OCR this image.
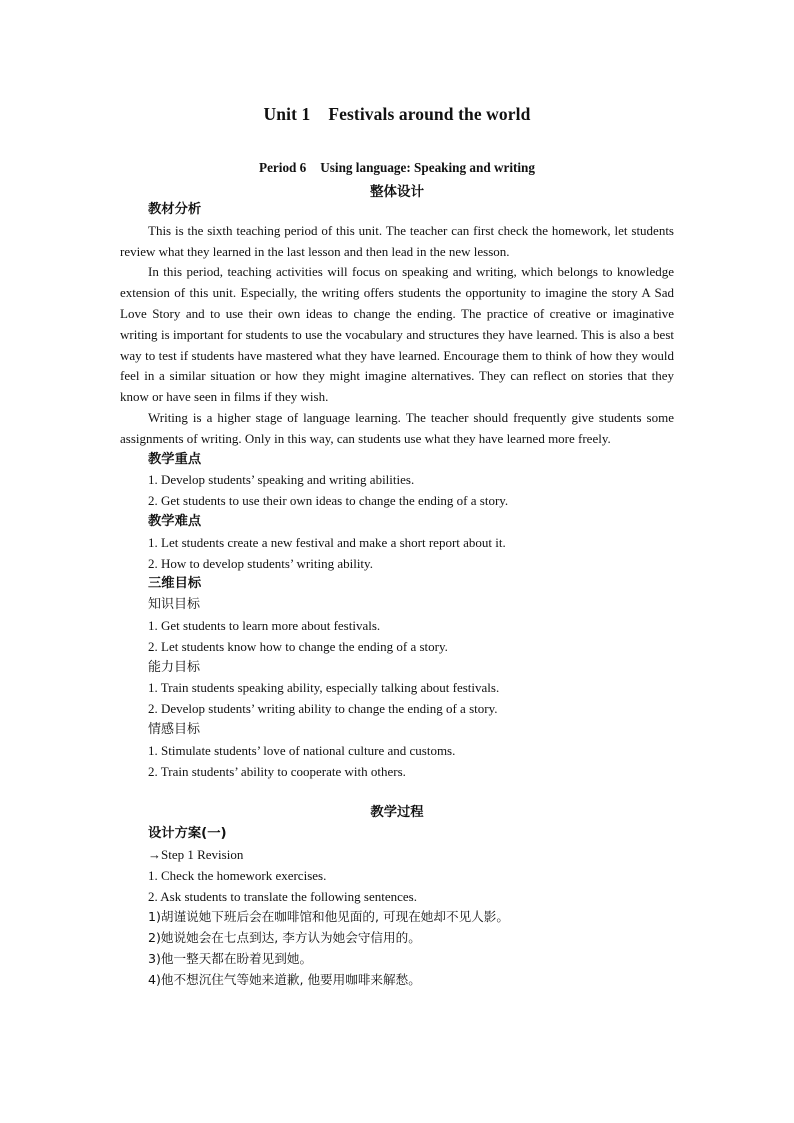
Unit 1 Festivals around the world
Period 6 Using language: Speaking and writing
整体设计

教材分析

This is the sixth teaching period of this unit. The teacher can first check the homework, let students review what they learned in the last lesson and then lead in the new lesson.

In this period, teaching activities will focus on speaking and writing, which belongs to knowledge extension of this unit. Especially, the writing offers students the opportunity to imagine the story A Sad Love Story and to use their own ideas to change the ending. The practice of creative or imaginative writing is important for students to use the vocabulary and structures they have learned. This is also a best way to test if students have mastered what they have learned. Encourage them to think of how they would feel in a similar situation or how they might imagine alternatives. They can reflect on stories that they know or have seen in films if they wish.

Writing is a higher stage of language learning. The teacher should frequently give students some assignments of writing. Only in this way, can students use what they have learned more freely.

教学重点

1. Develop students’ speaking and writing abilities.

2. Get students to use their own ideas to change the ending of a story.

教学难点

1. Let students create a new festival and make a short report about it.

2. How to develop students’ writing ability.

三维目标

知识目标

1. Get students to learn more about festivals.

2. Let students know how to change the ending of a story.

能力目标

1. Train students speaking ability, especially talking about festivals.

2. Develop students’ writing ability to change the ending of a story.

情感目标

1. Stimulate students’ love of national culture and customs.

2. Train students’ ability to cooperate with others.

教学过程

设计方案(一)

→Step 1 Revision

1. Check the homework exercises.

2. Ask students to translate the following sentences.

1)胡谨说她下班后会在咖啡馆和他见面的, 可现在她却不见人影。

2)她说她会在七点到达, 李方认为她会守信用的。

3)他一整天都在盼着见到她。

4)他不想沉住气等她来道歉, 他要用咖啡来解愁。
